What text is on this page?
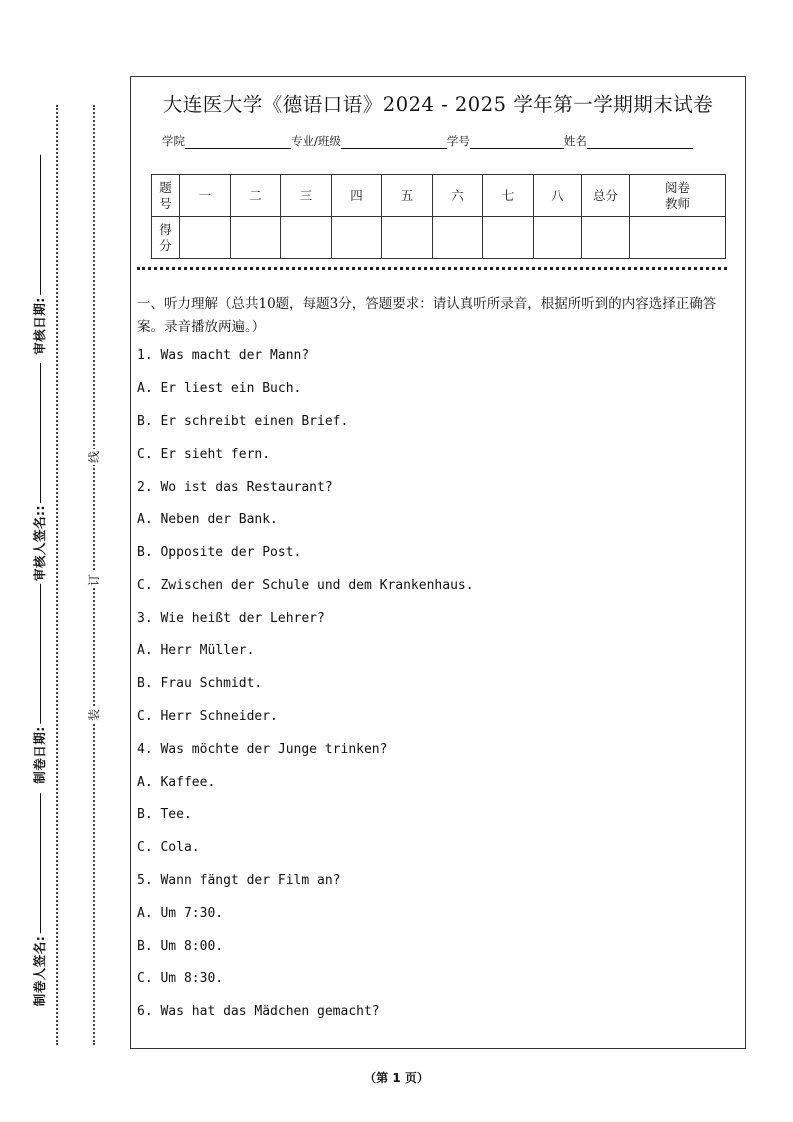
审核日期:
审核人签名::
制卷日期:
制卷人签名:
线
订
装
大连医大学《德语口语》2024 - 2025 学年第一学期期末试卷
学院	专业/班级	学号	姓名
题号	一	二	三	四	五	六	七	八	总分	阅卷教师
得分										
一、听力理解（总共10题，每题3分，答题要求：请认真听所录音，根据所听到的内容选择正确答案。录音播放两遍。）
1. Was macht der Mann?
A. Er liest ein Buch.
B. Er schreibt einen Brief.
C. Er sieht fern.
2. Wo ist das Restaurant?
A. Neben der Bank.
B. Opposite der Post.
C. Zwischen der Schule und dem Krankenhaus.
3. Wie heißt der Lehrer?
A. Herr Müller.
B. Frau Schmidt.
C. Herr Schneider.
4. Was möchte der Junge trinken?
A. Kaffee.
B. Tee.
C. Cola.
5. Wann fängt der Film an?
A. Um 7:30.
B. Um 8:00.
C. Um 8:30.
6. Was hat das Mädchen gemacht?
（第 1 页）
